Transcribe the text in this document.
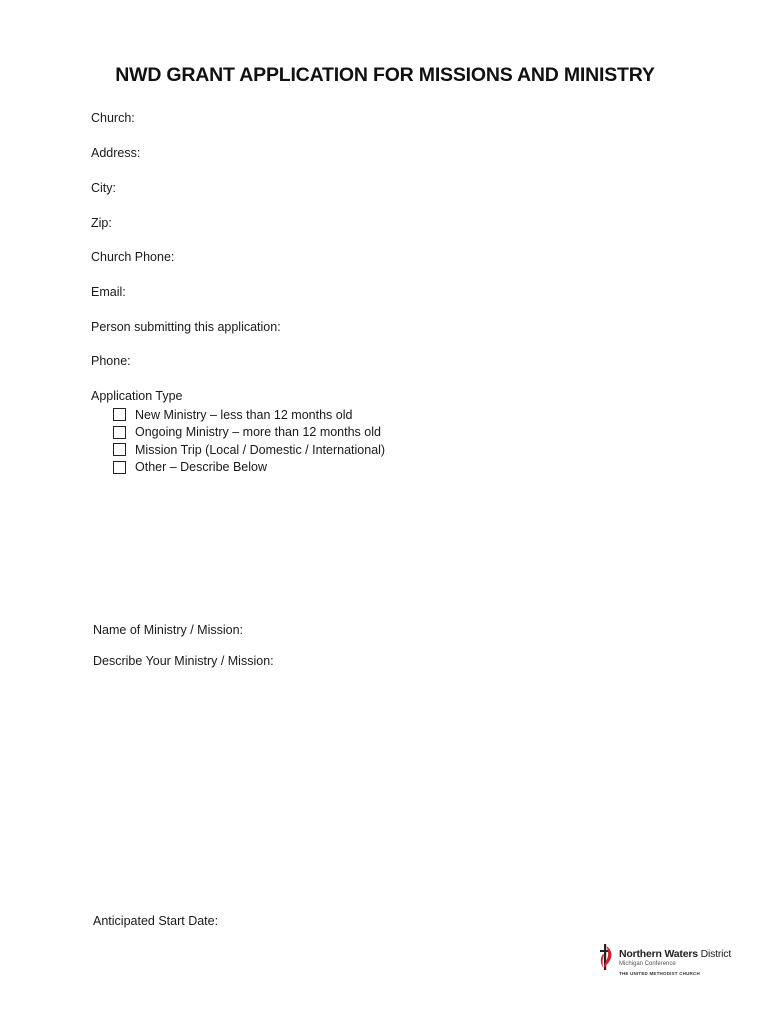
NWD GRANT APPLICATION FOR MISSIONS AND MINISTRY
Church:
Address:
City:
Zip:
Church Phone:
Email:
Person submitting this application:
Phone:
Application Type
New Ministry – less than 12 months old
Ongoing Ministry – more than 12 months old
Mission Trip (Local / Domestic / International)
Other – Describe Below
Name of Ministry / Mission:
Describe Your Ministry / Mission:
Anticipated Start Date:
Northern Waters District
Michigan Conference
THE UNITED METHODIST CHURCH
